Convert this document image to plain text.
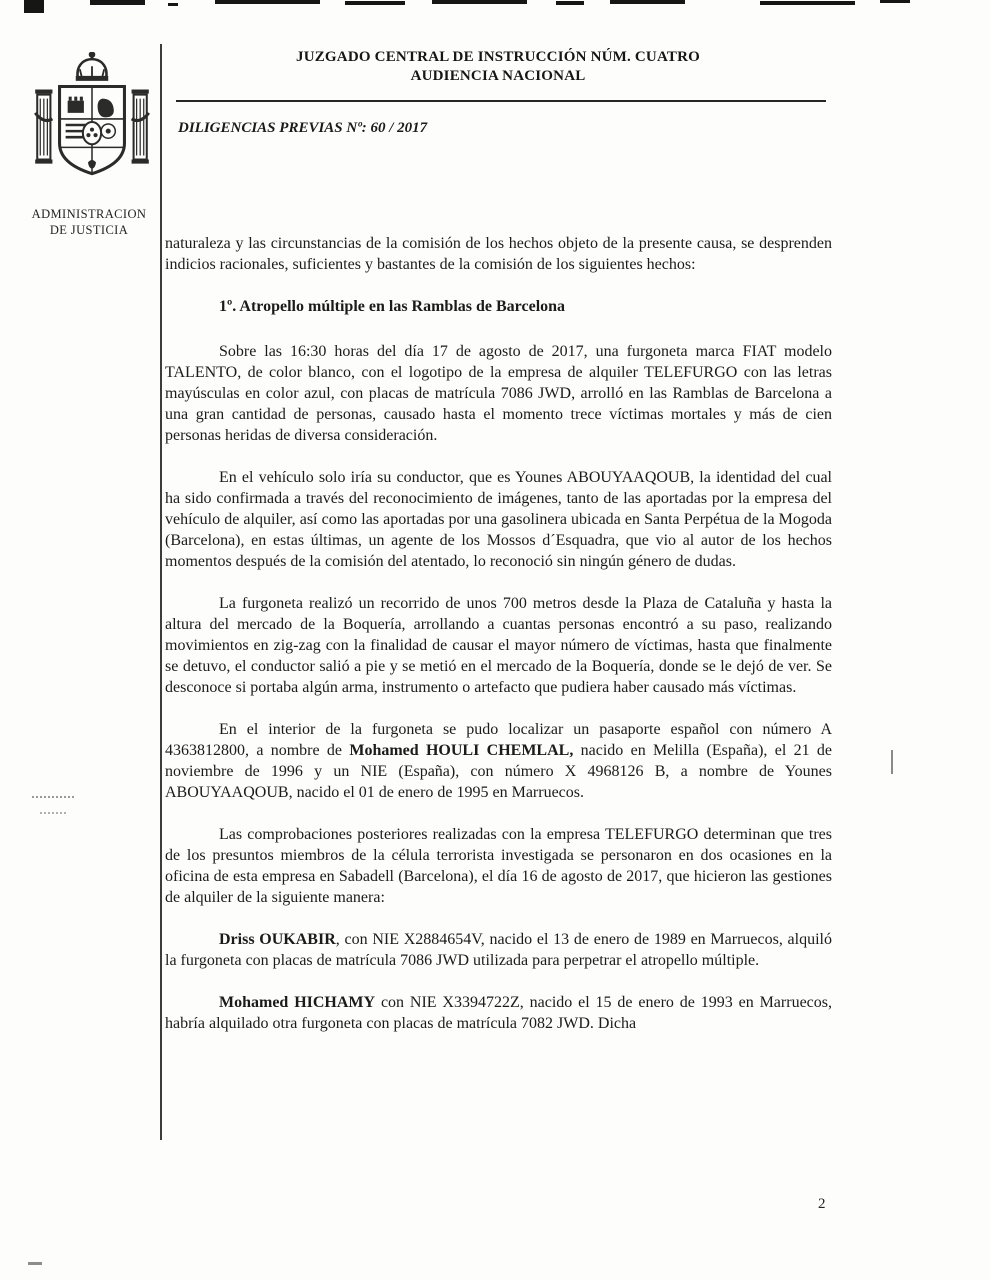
ADMINISTRACION
DE JUSTICIA
JUZGADO CENTRAL DE INSTRUCCIÓN NÚM. CUATRO
AUDIENCIA NACIONAL
DILIGENCIAS PREVIAS Nº: 60 / 2017

naturaleza y las circunstancias de la comisión de los hechos objeto de la presente causa, se desprenden indicios racionales, suficientes y bastantes de la comisión de los siguientes hechos:

1º. Atropello múltiple en las Ramblas de Barcelona

Sobre las 16:30 horas del día 17 de agosto de 2017, una furgoneta marca FIAT modelo TALENTO, de color blanco, con el logotipo de la empresa de alquiler TELEFURGO con las letras mayúsculas en color azul, con placas de matrícula 7086 JWD, arrolló en las Ramblas de Barcelona a una gran cantidad de personas, causado hasta el momento trece víctimas mortales y más de cien personas heridas de diversa consideración.

En el vehículo solo iría su conductor, que es Younes ABOUYAAQOUB, la identidad del cual ha sido confirmada a través del reconocimiento de imágenes, tanto de las aportadas por la empresa del vehículo de alquiler, así como las aportadas por una gasolinera ubicada en Santa Perpétua de la Mogoda (Barcelona), en estas últimas, un agente de los Mossos d´Esquadra, que vio al autor de los hechos momentos después de la comisión del atentado, lo reconoció sin ningún género de dudas.

La furgoneta realizó un recorrido de unos 700 metros desde la Plaza de Cataluña y hasta la altura del mercado de la Boquería, arrollando a cuantas personas encontró a su paso, realizando movimientos en zig-zag con la finalidad de causar el mayor número de víctimas, hasta que finalmente se detuvo, el conductor salió a pie y se metió en el mercado de la Boquería, donde se le dejó de ver. Se desconoce si portaba algún arma, instrumento o artefacto que pudiera haber causado más víctimas.

En el interior de la furgoneta se pudo localizar un pasaporte español con número A 4363812800, a nombre de Mohamed HOULI CHEMLAL, nacido en Melilla (España), el 21 de noviembre de 1996 y un NIE (España), con número X 4968126 B, a nombre de Younes ABOUYAAQOUB, nacido el 01 de enero de 1995 en Marruecos.

Las comprobaciones posteriores realizadas con la empresa TELEFURGO determinan que tres de los presuntos miembros de la célula terrorista investigada se personaron en dos ocasiones en la oficina de esta empresa en Sabadell (Barcelona), el día 16 de agosto de 2017, que hicieron las gestiones de alquiler de la siguiente manera:

Driss OUKABIR, con NIE X2884654V, nacido el 13 de enero de 1989 en Marruecos, alquiló la furgoneta con placas de matrícula 7086 JWD utilizada para perpetrar el atropello múltiple.

Mohamed HICHAMY con NIE X3394722Z, nacido el 15 de enero de 1993 en Marruecos, habría alquilado otra furgoneta con placas de matrícula 7082 JWD. Dicha

2
